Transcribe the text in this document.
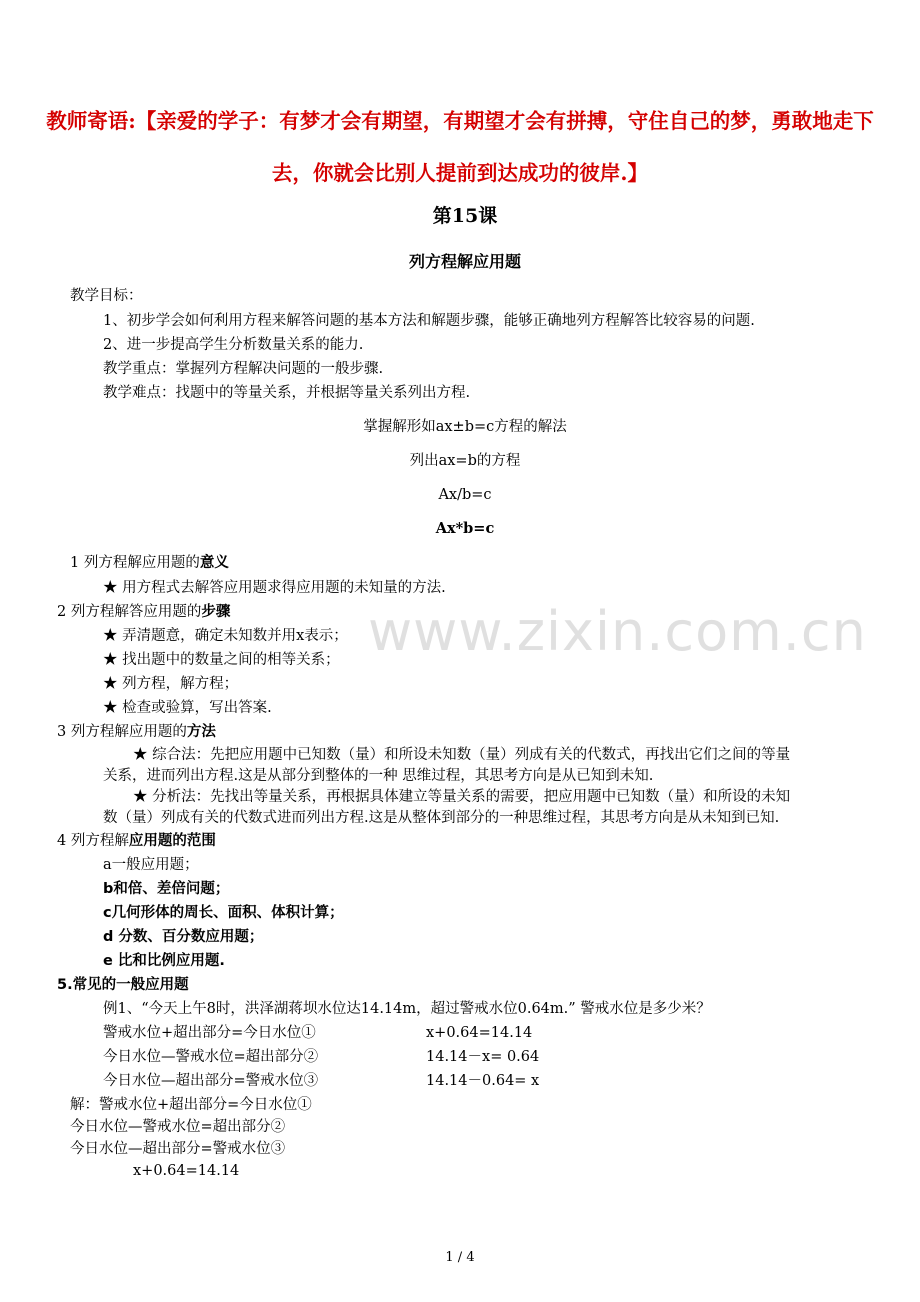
www.zixin.com.cn
教师寄语:【亲爱的学子：有梦才会有期望，有期望才会有拼搏，守住自己的梦，勇敢地走下
去，你就会比别人提前到达成功的彼岸.】
第15课
列方程解应用题
教学目标：
1、初步学会如何利用方程来解答问题的基本方法和解题步骤，能够正确地列方程解答比较容易的问题.
2、进一步提高学生分析数量关系的能力.
教学重点：掌握列方程解决问题的一般步骤.
教学难点：找题中的等量关系，并根据等量关系列出方程.
掌握解形如ax±b=c方程的解法
列出ax=b的方程
Ax/b=c
Ax*b=c
1 列方程解应用题的意义
★ 用方程式去解答应用题求得应用题的未知量的方法.
2 列方程解答应用题的步骤
★ 弄清题意，确定未知数并用x表示；
★ 找出题中的数量之间的相等关系；
★ 列方程，解方程；
★ 检查或验算，写出答案.
3 列方程解应用题的方法
★ 综合法：先把应用题中已知数（量）和所设未知数（量）列成有关的代数式，再找出它们之间的等量
关系，进而列出方程.这是从部分到整体的一种 思维过程，其思考方向是从已知到未知.
★ 分析法：先找出等量关系，再根据具体建立等量关系的需要，把应用题中已知数（量）和所设的未知
数（量）列成有关的代数式进而列出方程.这是从整体到部分的一种思维过程，其思考方向是从未知到已知.
4 列方程解应用题的范围
a一般应用题；
b和倍、差倍问题；
c几何形体的周长、面积、体积计算；
d 分数、百分数应用题；
e 比和比例应用题.
5.常见的一般应用题
例1、“今天上午8时，洪泽湖蒋坝水位达14.14m，超过警戒水位0.64m.” 警戒水位是多少米？
警戒水位+超出部分=今日水位①	x+0.64=14.14
今日水位—警戒水位=超出部分②	14.14－x= 0.64
今日水位—超出部分=警戒水位③	14.14－0.64= x
解：警戒水位+超出部分=今日水位①
今日水位—警戒水位=超出部分②
今日水位—超出部分=警戒水位③
x+0.64=14.14
1 / 4
